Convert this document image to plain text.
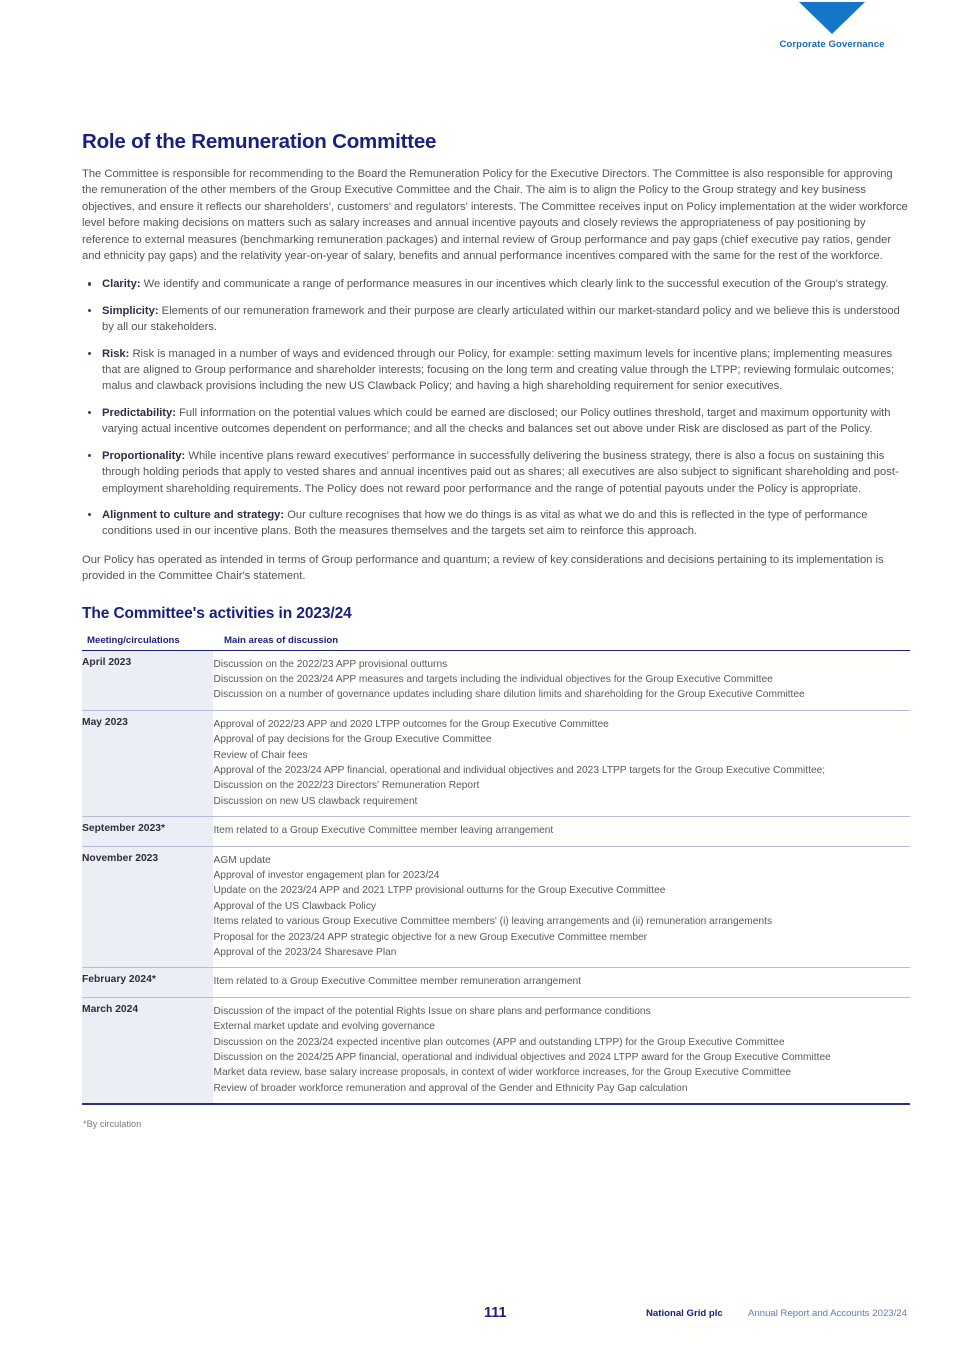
Corporate Governance
Role of the Remuneration Committee

The Committee is responsible for recommending to the Board the Remuneration Policy for the Executive Directors. The Committee is also responsible for approving the remuneration of the other members of the Group Executive Committee and the Chair. The aim is to align the Policy to the Group strategy and key business objectives, and ensure it reflects our shareholders', customers' and regulators' interests. The Committee receives input on Policy implementation at the wider workforce level before making decisions on matters such as salary increases and annual incentive payouts and closely reviews the appropriateness of pay positioning by reference to external measures (benchmarking remuneration packages) and internal review of Group performance and pay gaps (chief executive pay ratios, gender and ethnicity pay gaps) and the relativity year-on-year of salary, benefits and annual performance incentives compared with the same for the rest of the workforce.

Clarity: We identify and communicate a range of performance measures in our incentives which clearly link to the successful execution of the Group's strategy.
Simplicity: Elements of our remuneration framework and their purpose are clearly articulated within our market-standard policy and we believe this is understood by all our stakeholders.
Risk: Risk is managed in a number of ways and evidenced through our Policy, for example: setting maximum levels for incentive plans; implementing measures that are aligned to Group performance and shareholder interests; focusing on the long term and creating value through the LTPP; reviewing formulaic outcomes; malus and clawback provisions including the new US Clawback Policy; and having a high shareholding requirement for senior executives.
Predictability: Full information on the potential values which could be earned are disclosed; our Policy outlines threshold, target and maximum opportunity with varying actual incentive outcomes dependent on performance; and all the checks and balances set out above under Risk are disclosed as part of the Policy.
Proportionality: While incentive plans reward executives' performance in successfully delivering the business strategy, there is also a focus on sustaining this through holding periods that apply to vested shares and annual incentives paid out as shares; all executives are also subject to significant shareholding and post-employment shareholding requirements. The Policy does not reward poor performance and the range of potential payouts under the Policy is appropriate.
Alignment to culture and strategy: Our culture recognises that how we do things is as vital as what we do and this is reflected in the type of performance conditions used in our incentive plans. Both the measures themselves and the targets set aim to reinforce this approach.

Our Policy has operated as intended in terms of Group performance and quantum; a review of key considerations and decisions pertaining to its implementation is provided in the Committee Chair's statement.

The Committee's activities in 2023/24
Meeting/circulations	Main areas of discussion
April 2023	Discussion on the 2022/23 APP provisional outturns
Discussion on the 2023/24 APP measures and targets including the individual objectives for the Group Executive Committee
Discussion on a number of governance updates including share dilution limits and shareholding for the Group Executive Committee

May 2023	Approval of 2022/23 APP and 2020 LTPP outcomes for the Group Executive Committee
Approval of pay decisions for the Group Executive Committee
Review of Chair fees
Approval of the 2023/24 APP financial, operational and individual objectives and 2023 LTPP targets for the Group Executive Committee;
Discussion on the 2022/23 Directors' Remuneration Report
Discussion on new US clawback requirement

September 2023*	Item related to a Group Executive Committee member leaving arrangement

November 2023	AGM update
Approval of investor engagement plan for 2023/24
Update on the 2023/24 APP and 2021 LTPP provisional outturns for the Group Executive Committee
Approval of the US Clawback Policy
Items related to various Group Executive Committee members' (i) leaving arrangements and (ii) remuneration arrangements
Proposal for the 2023/24 APP strategic objective for a new Group Executive Committee member
Approval of the 2023/24 Sharesave Plan

February 2024*	Item related to a Group Executive Committee member remuneration arrangement

March 2024	Discussion of the impact of the potential Rights Issue on share plans and performance conditions
External market update and evolving governance
Discussion on the 2023/24 expected incentive plan outcomes (APP and outstanding LTPP) for the Group Executive Committee
Discussion on the 2024/25 APP financial, operational and individual objectives and 2024 LTPP award for the Group Executive Committee
Market data review, base salary increase proposals, in context of wider workforce increases, for the Group Executive Committee
Review of broader workforce remuneration and approval of the Gender and Ethnicity Pay Gap calculation

*By circulation

111	National Grid plc	Annual Report and Accounts 2023/24
